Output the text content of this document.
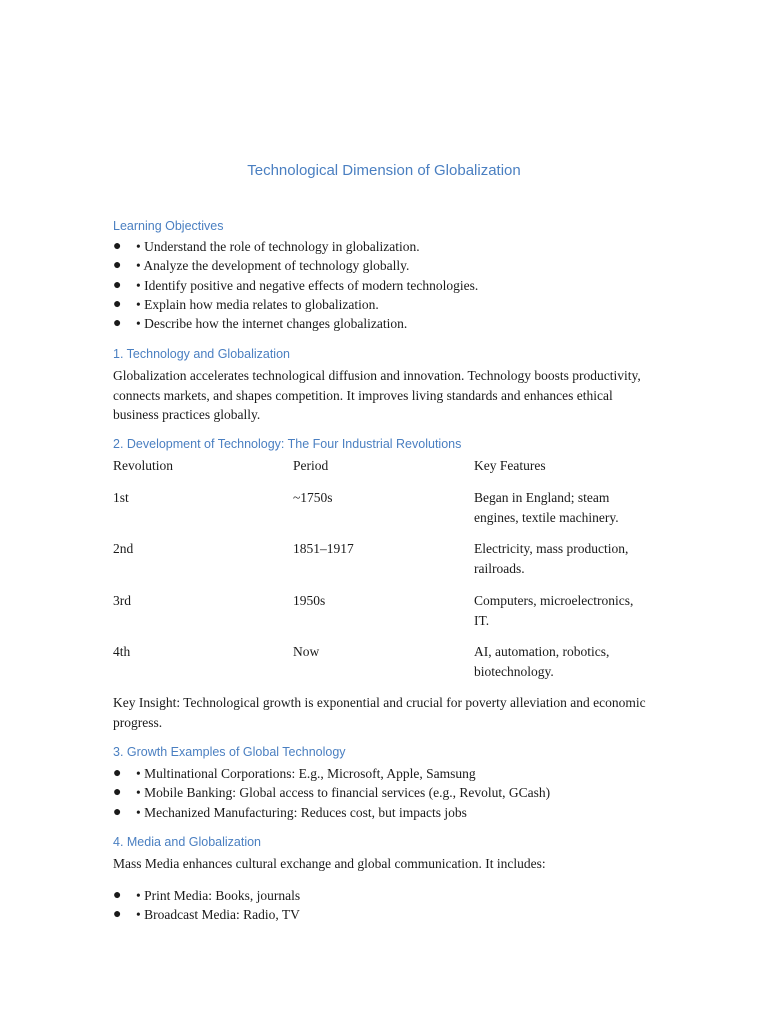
Technological Dimension of Globalization
Learning Objectives
● • Understand the role of technology in globalization.
● • Analyze the development of technology globally.
● • Identify positive and negative effects of modern technologies.
● • Explain how media relates to globalization.
● • Describe how the internet changes globalization.
1. Technology and Globalization
Globalization accelerates technological diffusion and innovation. Technology boosts productivity, connects markets, and shapes competition. It improves living standards and enhances ethical business practices globally.
2. Development of Technology: The Four Industrial Revolutions
Revolution	Period	Key Features
1st	~1750s	Began in England; steam engines, textile machinery.
2nd	1851–1917	Electricity, mass production, railroads.
3rd	1950s	Computers, microelectronics, IT.
4th	Now	AI, automation, robotics, biotechnology.
Key Insight: Technological growth is exponential and crucial for poverty alleviation and economic progress.
3. Growth Examples of Global Technology
● • Multinational Corporations: E.g., Microsoft, Apple, Samsung
● • Mobile Banking: Global access to financial services (e.g., Revolut, GCash)
● • Mechanized Manufacturing: Reduces cost, but impacts jobs
4. Media and Globalization
Mass Media enhances cultural exchange and global communication. It includes:
● • Print Media: Books, journals
● • Broadcast Media: Radio, TV
